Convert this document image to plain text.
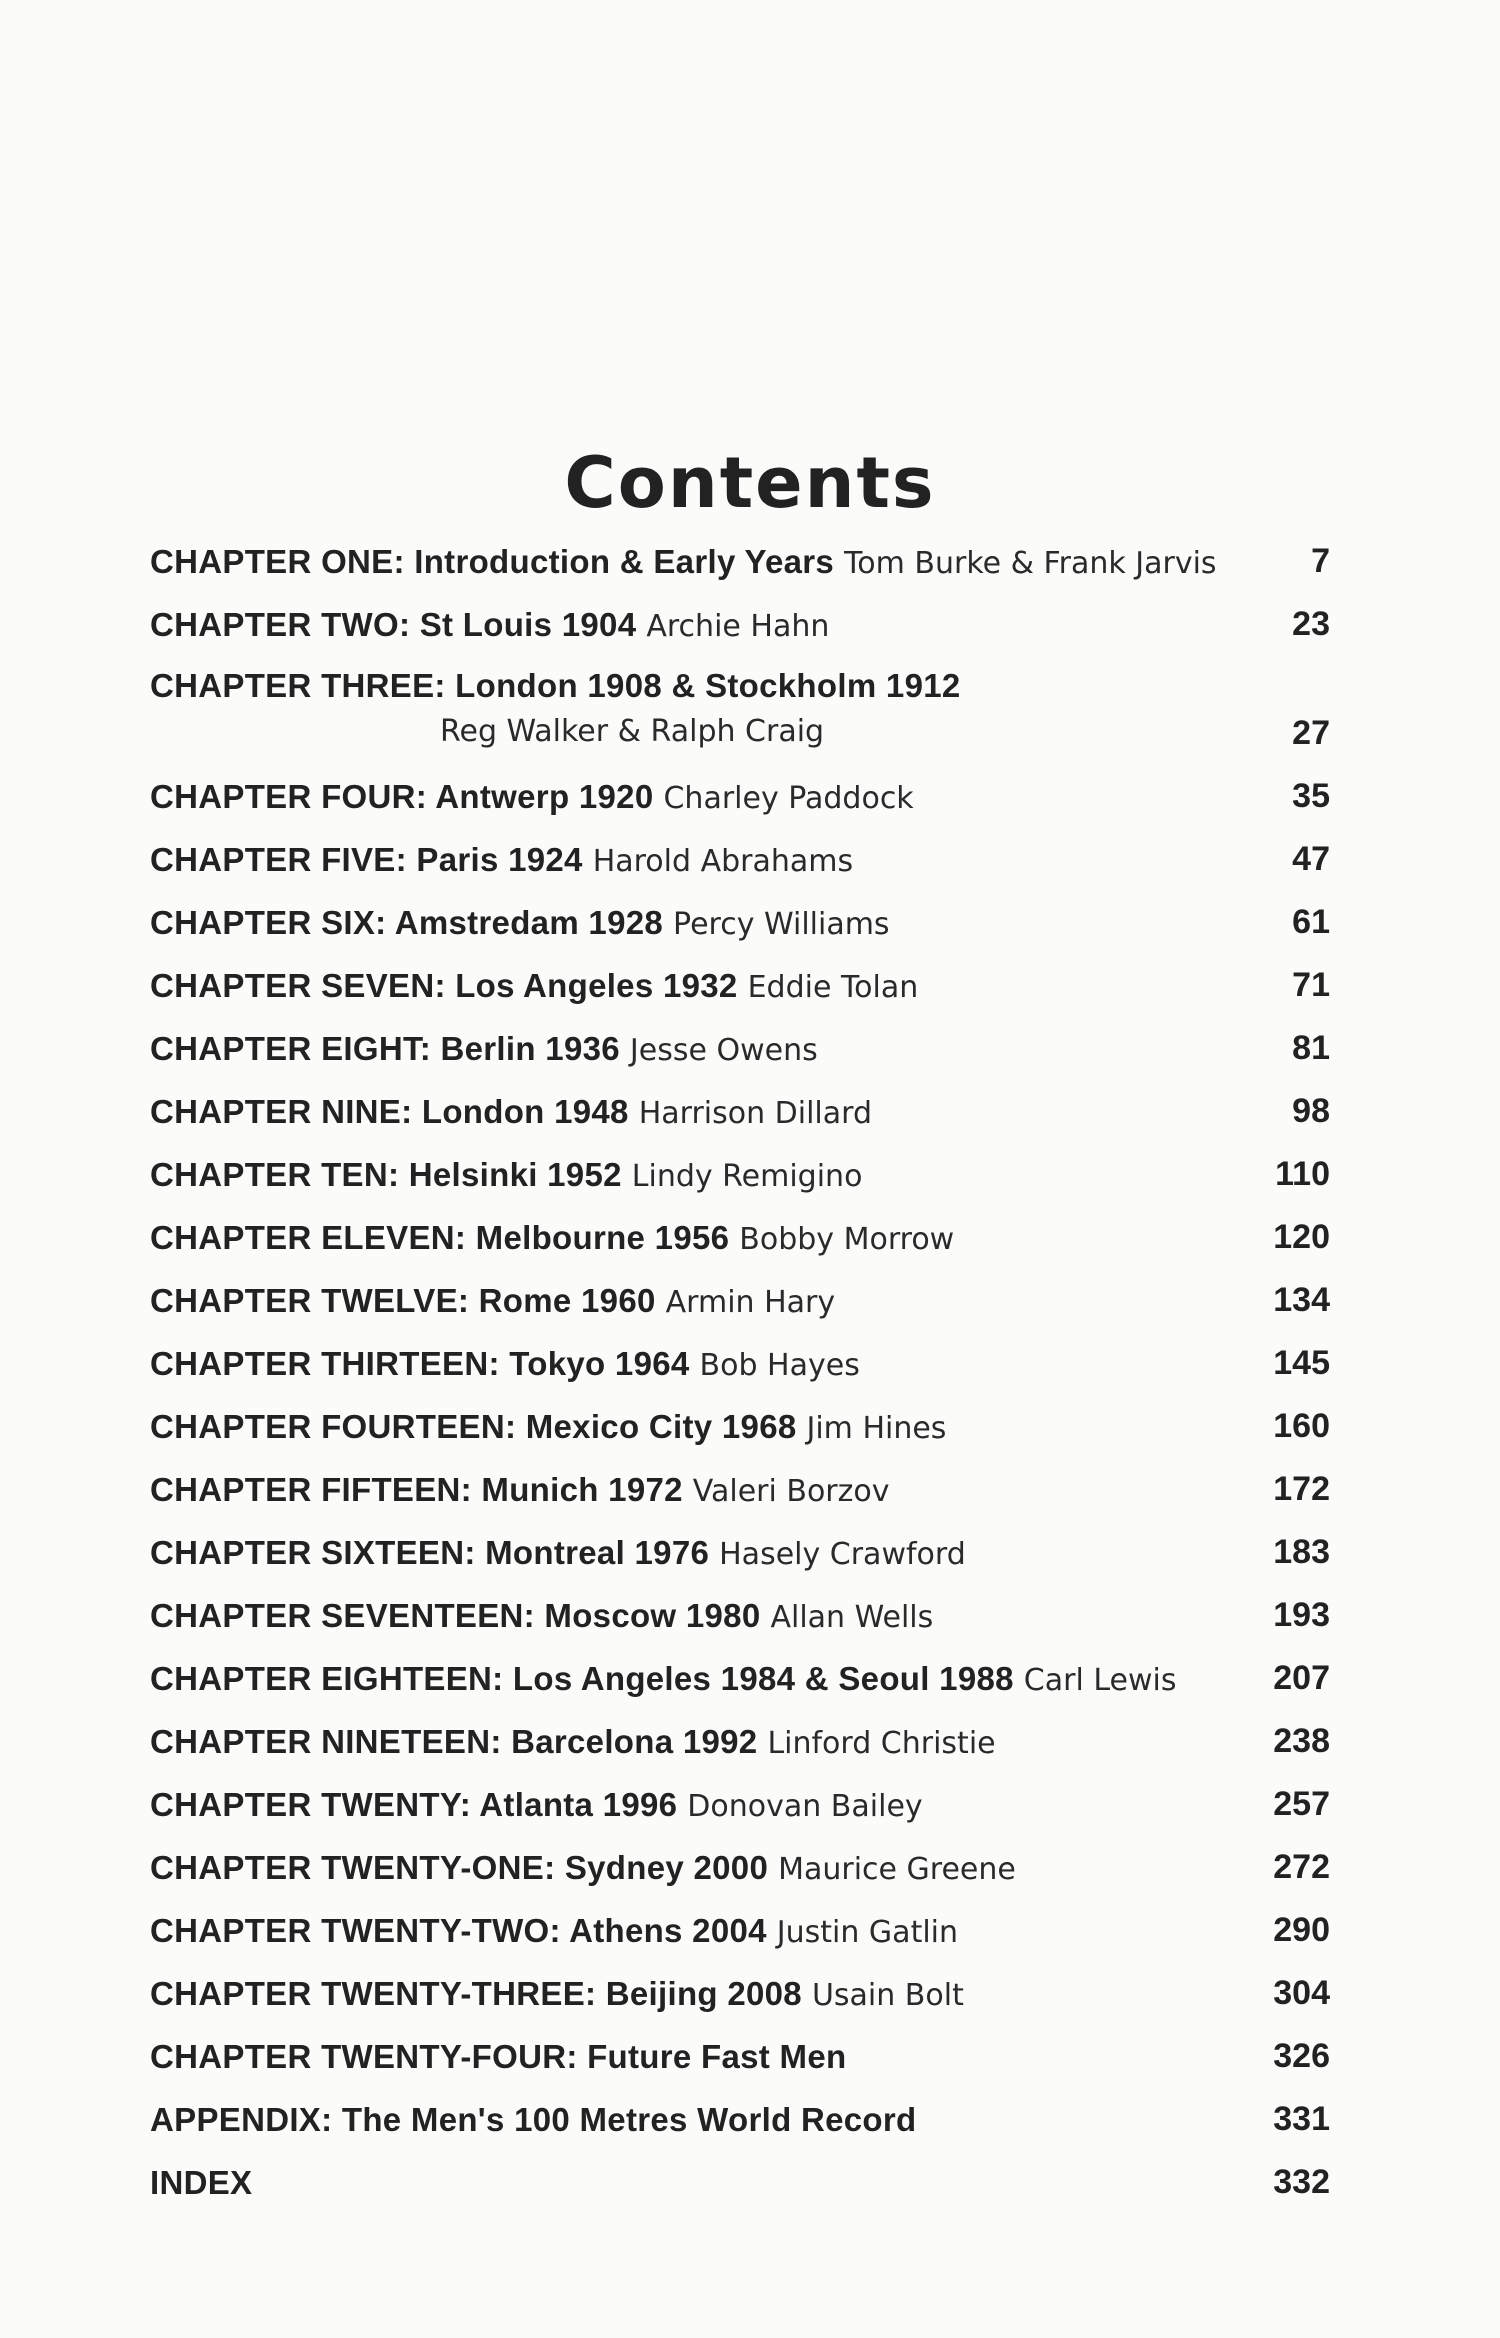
Contents
CHAPTER ONE: Introduction & Early Years Tom Burke & Frank Jarvis	7
CHAPTER TWO: St Louis 1904 Archie Hahn	23
CHAPTER THREE: London 1908 & Stockholm 1912
Reg Walker & Ralph Craig	27
CHAPTER FOUR: Antwerp 1920 Charley Paddock	35
CHAPTER FIVE: Paris 1924 Harold Abrahams	47
CHAPTER SIX: Amstredam 1928 Percy Williams	61
CHAPTER SEVEN: Los Angeles 1932 Eddie Tolan	71
CHAPTER EIGHT: Berlin 1936 Jesse Owens	81
CHAPTER NINE: London 1948 Harrison Dillard	98
CHAPTER TEN: Helsinki 1952 Lindy Remigino	110
CHAPTER ELEVEN: Melbourne 1956 Bobby Morrow	120
CHAPTER TWELVE: Rome 1960 Armin Hary	134
CHAPTER THIRTEEN: Tokyo 1964 Bob Hayes	145
CHAPTER FOURTEEN: Mexico City 1968 Jim Hines	160
CHAPTER FIFTEEN: Munich 1972 Valeri Borzov	172
CHAPTER SIXTEEN: Montreal 1976 Hasely Crawford	183
CHAPTER SEVENTEEN: Moscow 1980 Allan Wells	193
CHAPTER EIGHTEEN: Los Angeles 1984 & Seoul 1988 Carl Lewis	207
CHAPTER NINETEEN: Barcelona 1992 Linford Christie	238
CHAPTER TWENTY: Atlanta 1996 Donovan Bailey	257
CHAPTER TWENTY-ONE: Sydney 2000 Maurice Greene	272
CHAPTER TWENTY-TWO: Athens 2004 Justin Gatlin	290
CHAPTER TWENTY-THREE: Beijing 2008 Usain Bolt	304
CHAPTER TWENTY-FOUR: Future Fast Men	326
APPENDIX: The Men's 100 Metres World Record	331
INDEX	332
